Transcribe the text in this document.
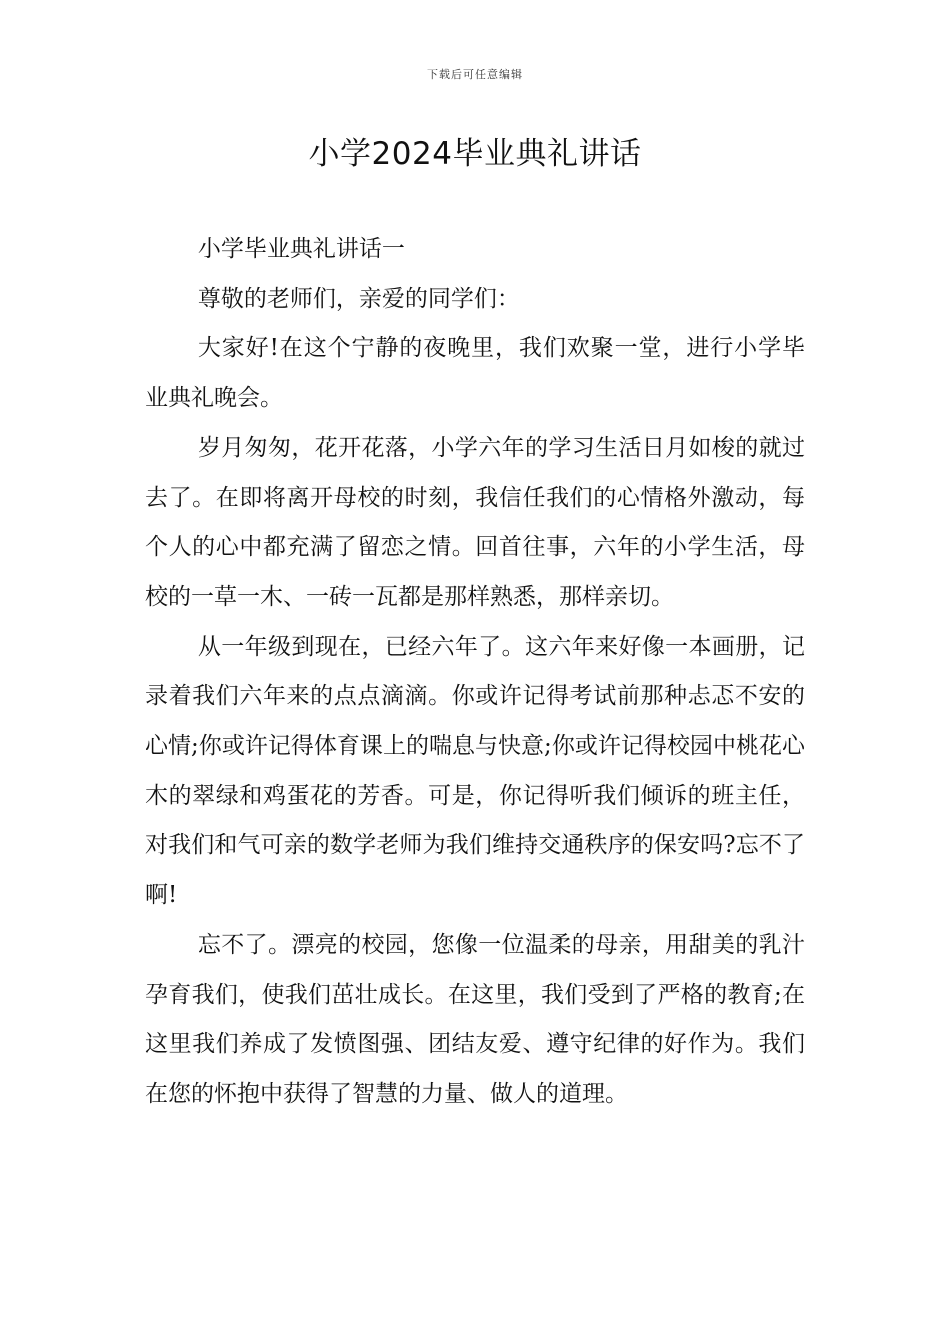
下载后可任意编辑
小学2024毕业典礼讲话

小学毕业典礼讲话一

尊敬的老师们，亲爱的同学们：

大家好!在这个宁静的夜晚里，我们欢聚一堂，进行小学毕业典礼晚会。

岁月匆匆，花开花落，小学六年的学习生活日月如梭的就过去了。在即将离开母校的时刻，我信任我们的心情格外激动，每个人的心中都充满了留恋之情。回首往事，六年的小学生活，母校的一草一木、一砖一瓦都是那样熟悉，那样亲切。

从一年级到现在，已经六年了。这六年来好像一本画册，记录着我们六年来的点点滴滴。你或许记得考试前那种忐忑不安的心情;你或许记得体育课上的喘息与快意;你或许记得校园中桃花心木的翠绿和鸡蛋花的芳香。可是，你记得听我们倾诉的班主任，对我们和气可亲的数学老师为我们维持交通秩序的保安吗?忘不了啊!

忘不了。漂亮的校园，您像一位温柔的母亲，用甜美的乳汁孕育我们，使我们茁壮成长。在这里，我们受到了严格的教育;在这里我们养成了发愤图强、团结友爱、遵守纪律的好作为。我们在您的怀抱中获得了智慧的力量、做人的道理。
